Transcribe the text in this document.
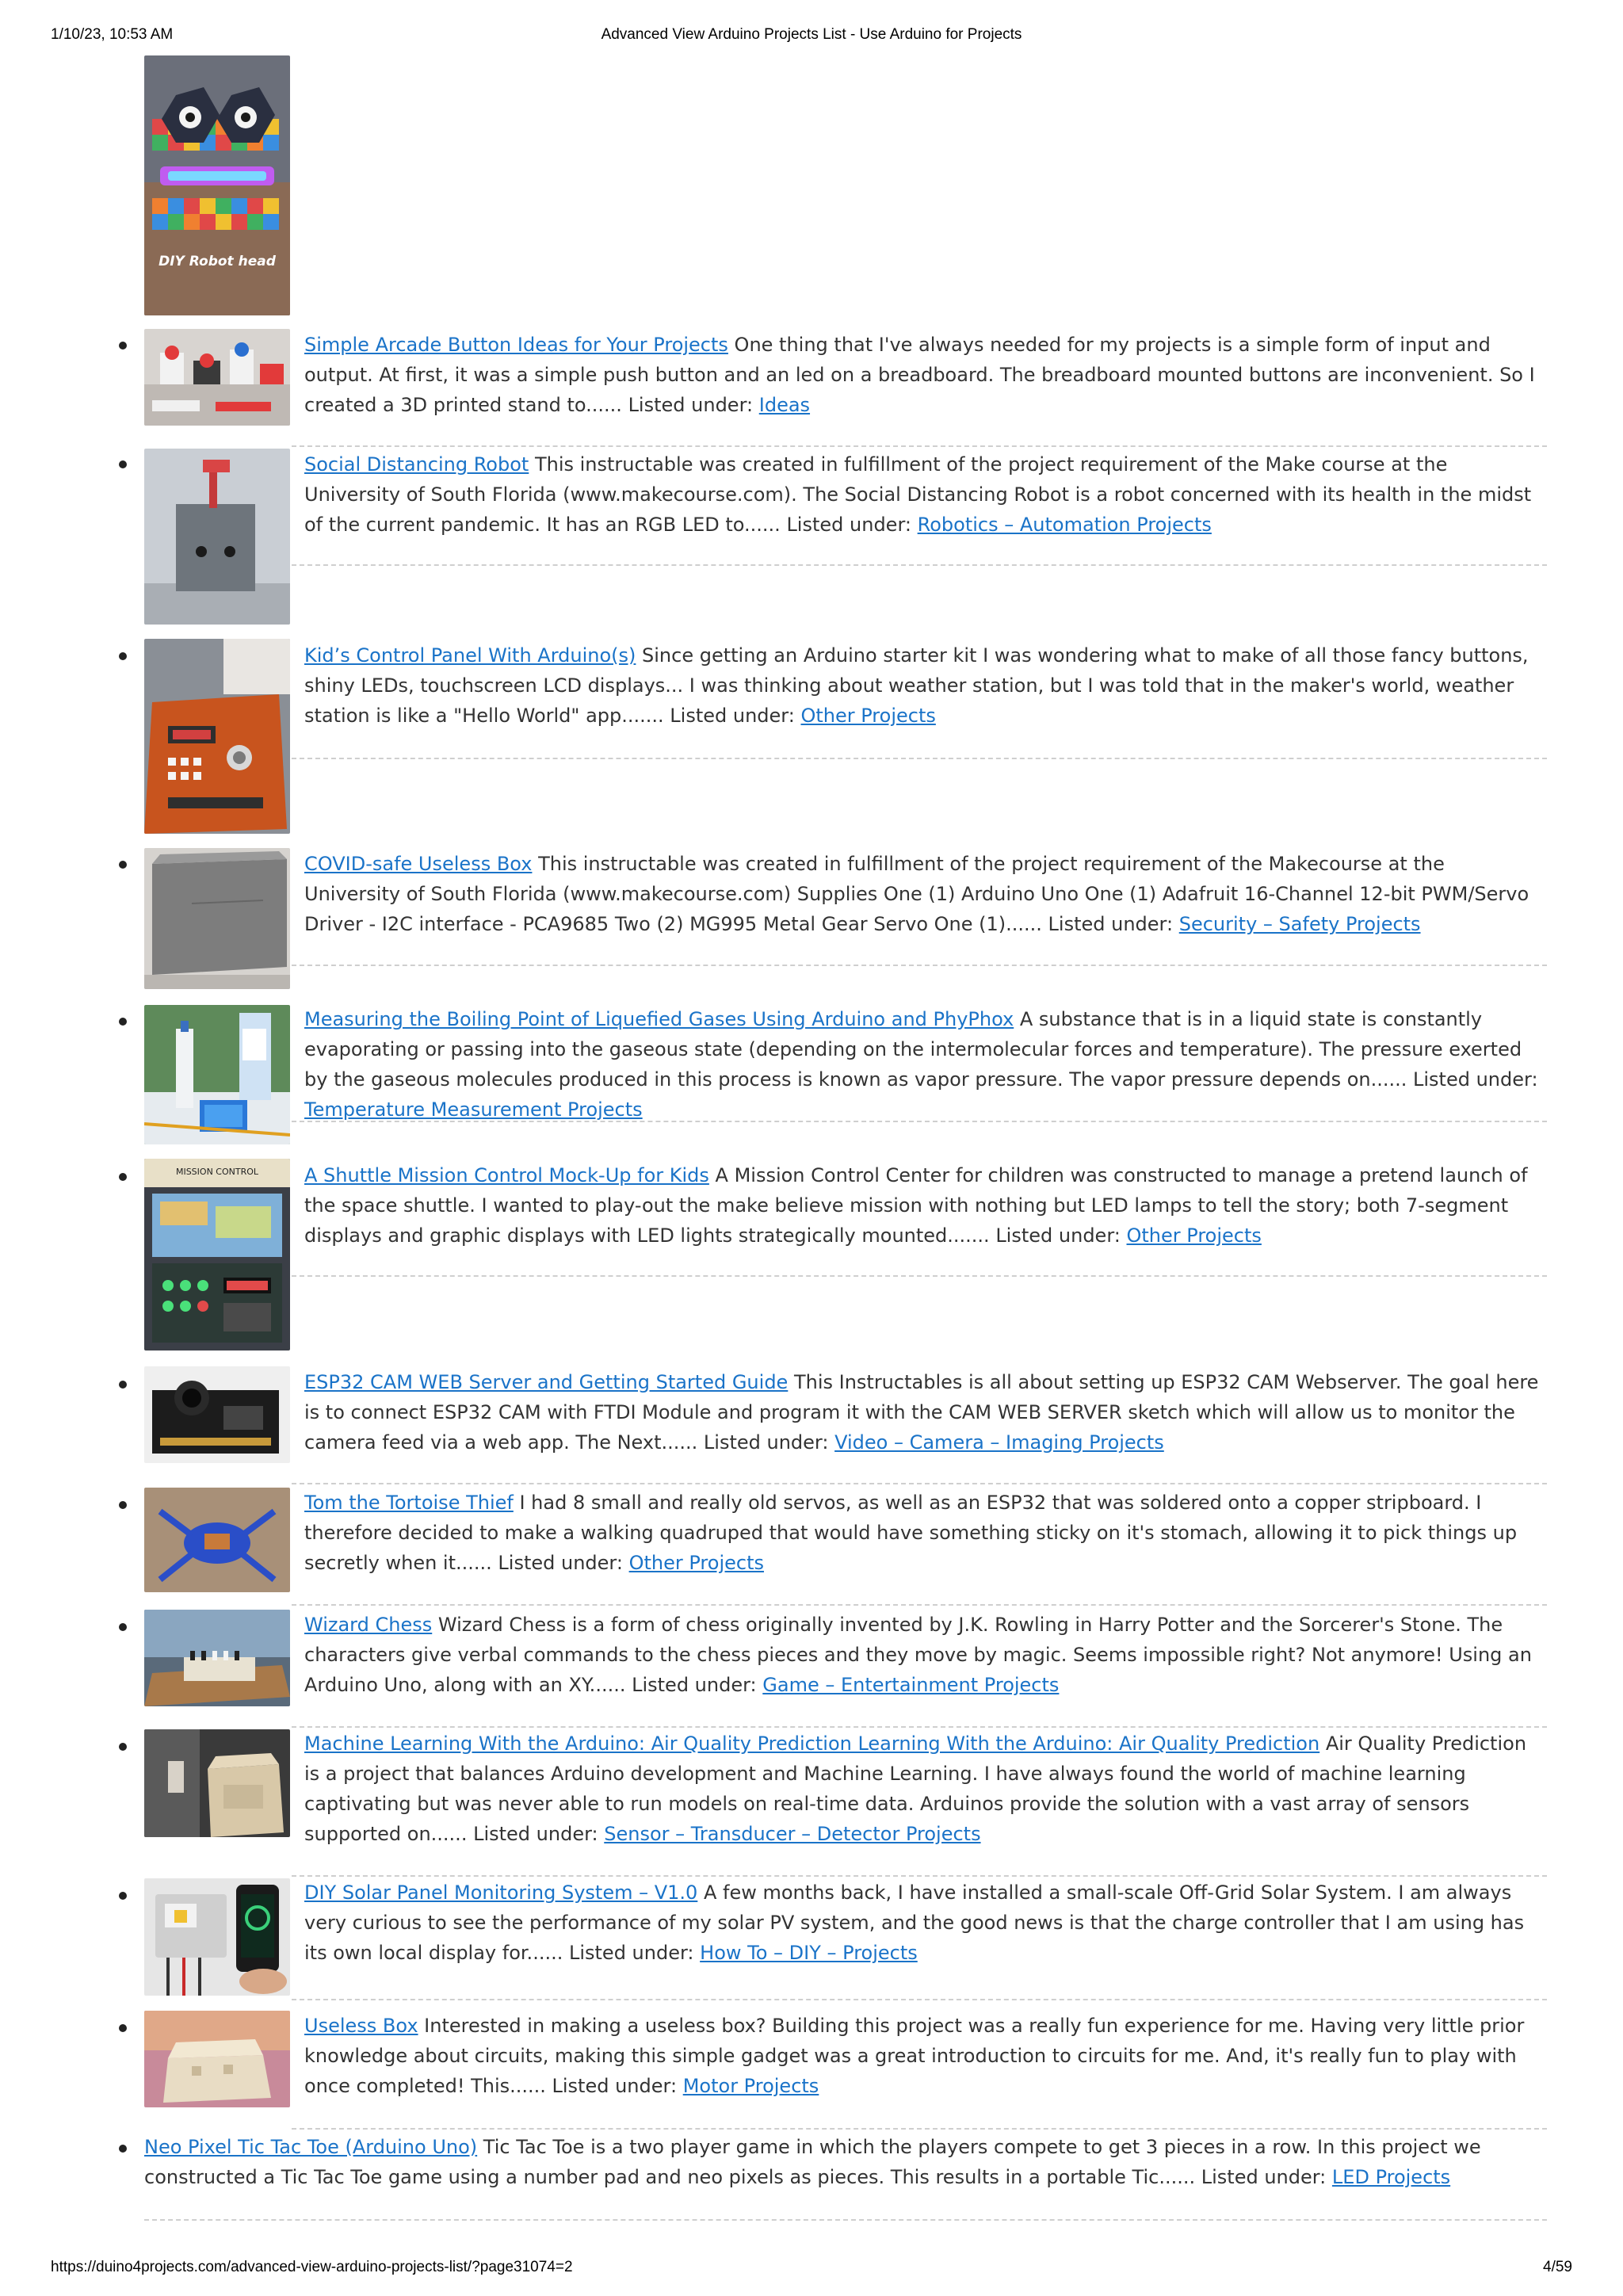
1/10/23, 10:53 AM	Advanced View Arduino Projects List - Use Arduino for Projects
DIY Robot head
Simple Arcade Button Ideas for Your Projects One thing that I've always needed for my projects is a simple form of input and output. At first, it was a simple push button and an led on a breadboard. The breadboard mounted buttons are inconvenient. So I created a 3D printed stand to...... Listed under: Ideas
Social Distancing Robot This instructable was created in fulfillment of the project requirement of the Make course at the University of South Florida (www.makecourse.com). The Social Distancing Robot is a robot concerned with its health in the midst of the current pandemic. It has an RGB LED to...... Listed under: Robotics – Automation Projects
Kid’s Control Panel With Arduino(s) Since getting an Arduino starter kit I was wondering what to make of all those fancy buttons, shiny LEDs, touchscreen LCD displays... I was thinking about weather station, but I was told that in the maker's world, weather station is like a "Hello World" app....... Listed under: Other Projects
COVID-safe Useless Box This instructable was created in fulfillment of the project requirement of the Makecourse at the University of South Florida (www.makecourse.com) Supplies One (1) Arduino Uno One (1) Adafruit 16-Channel 12-bit PWM/Servo Driver - I2C interface - PCA9685 Two (2) MG995 Metal Gear Servo One (1)...... Listed under: Security – Safety Projects
Measuring the Boiling Point of Liquefied Gases Using Arduino and PhyPhox A substance that is in a liquid state is constantly evaporating or passing into the gaseous state (depending on the intermolecular forces and temperature). The pressure exerted by the gaseous molecules produced in this process is known as vapor pressure. The vapor pressure depends on...... Listed under: Temperature Measurement Projects
MISSION CONTROL A Shuttle Mission Control Mock-Up for Kids A Mission Control Center for children was constructed to manage a pretend launch of the space shuttle. I wanted to play-out the make believe mission with nothing but LED lamps to tell the story; both 7-segment displays and graphic displays with LED lights strategically mounted....... Listed under: Other Projects
ESP32 CAM WEB Server and Getting Started Guide This Instructables is all about setting up ESP32 CAM Webserver. The goal here is to connect ESP32 CAM with FTDI Module and program it with the CAM WEB SERVER sketch which will allow us to monitor the camera feed via a web app. The Next...... Listed under: Video – Camera – Imaging Projects
Tom the Tortoise Thief I had 8 small and really old servos, as well as an ESP32 that was soldered onto a copper stripboard. I therefore decided to make a walking quadruped that would have something sticky on it's stomach, allowing it to pick things up secretly when it...... Listed under: Other Projects
Wizard Chess Wizard Chess is a form of chess originally invented by J.K. Rowling in Harry Potter and the Sorcerer's Stone. The characters give verbal commands to the chess pieces and they move by magic. Seems impossible right? Not anymore! Using an Arduino Uno, along with an XY...... Listed under: Game – Entertainment Projects
Machine Learning With the Arduino: Air Quality Prediction Learning With the Arduino: Air Quality Prediction Air Quality Prediction is a project that balances Arduino development and Machine Learning. I have always found the world of machine learning captivating but was never able to run models on real-time data. Arduinos provide the solution with a vast array of sensors supported on...... Listed under: Sensor – Transducer – Detector Projects
DIY Solar Panel Monitoring System – V1.0 A few months back, I have installed a small-scale Off-Grid Solar System. I am always very curious to see the performance of my solar PV system, and the good news is that the charge controller that I am using has its own local display for...... Listed under: How To – DIY – Projects
Useless Box Interested in making a useless box? Building this project was a really fun experience for me. Having very little prior knowledge about circuits, making this simple gadget was a great introduction to circuits for me. And, it's really fun to play with once completed! This...... Listed under: Motor Projects
Neo Pixel Tic Tac Toe (Arduino Uno) Tic Tac Toe is a two player game in which the players compete to get 3 pieces in a row. In this project we constructed a Tic Tac Toe game using a number pad and neo pixels as pieces. This results in a portable Tic...... Listed under: LED Projects
https://duino4projects.com/advanced-view-arduino-projects-list/?page31074=2	4/59
